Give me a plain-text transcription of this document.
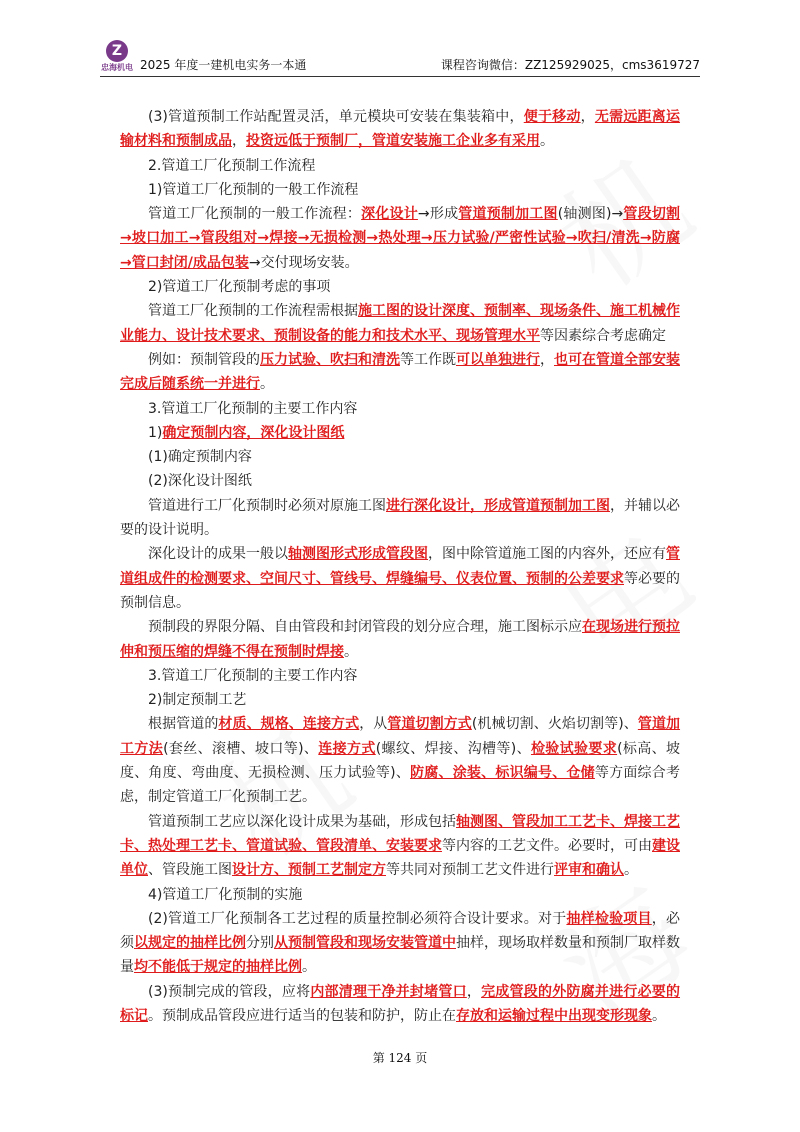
Z
忠海机电 2025 年度一建机电实务一本通	课程咨询微信：ZZ125929025，cms3619727

(3)管道预制工作站配置灵活，单元模块可安装在集装箱中，便于移动，无需远距离运输材料和预制成品，投资远低于预制厂，管道安装施工企业多有采用。

2.管道工厂化预制工作流程

1)管道工厂化预制的一般工作流程

管道工厂化预制的一般工作流程：深化设计→形成管道预制加工图(轴测图)→管段切割→坡口加工→管段组对→焊接→无损检测→热处理→压力试验/严密性试验→吹扫/清洗→防腐→管口封闭/成品包装→交付现场安装。

2)管道工厂化预制考虑的事项

管道工厂化预制的工作流程需根据施工图的设计深度、预制率、现场条件、施工机械作业能力、设计技术要求、预制设备的能力和技术水平、现场管理水平等因素综合考虑确定

例如：预制管段的压力试验、吹扫和清洗等工作既可以单独进行，也可在管道全部安装完成后随系统一并进行。

3.管道工厂化预制的主要工作内容

1)确定预制内容，深化设计图纸

(1)确定预制内容

(2)深化设计图纸

管道进行工厂化预制时必须对原施工图进行深化设计，形成管道预制加工图，并辅以必要的设计说明。

深化设计的成果一般以轴测图形式形成管段图，图中除管道施工图的内容外，还应有管道组成件的检测要求、空间尺寸、管线号、焊缝编号、仪表位置、预制的公差要求等必要的预制信息。

预制段的界限分隔、自由管段和封闭管段的划分应合理，施工图标示应在现场进行预拉伸和预压缩的焊缝不得在预制时焊接。

3.管道工厂化预制的主要工作内容

2)制定预制工艺

根据管道的材质、规格、连接方式，从管道切割方式(机械切割、火焰切割等)、管道加工方法(套丝、滚槽、坡口等)、连接方式(螺纹、焊接、沟槽等)、检验试验要求(标高、坡度、角度、弯曲度、无损检测、压力试验等)、防腐、涂装、标识编号、仓储等方面综合考虑，制定管道工厂化预制工艺。

管道预制工艺应以深化设计成果为基础，形成包括轴测图、管段加工工艺卡、焊接工艺卡、热处理工艺卡、管道试验、管段清单、安装要求等内容的工艺文件。必要时，可由建设单位、管段施工图设计方、预制工艺制定方等共同对预制工艺文件进行评审和确认。

4)管道工厂化预制的实施

(2)管道工厂化预制各工艺过程的质量控制必须符合设计要求。对于抽样检验项目，必须以规定的抽样比例分别从预制管段和现场安装管道中抽样，现场取样数量和预制厂取样数量均不能低于规定的抽样比例。

(3)预制完成的管段，应将内部清理干净并封堵管口，完成管段的外防腐并进行必要的标记。预制成品管段应进行适当的包装和防护，防止在存放和运输过程中出现变形现象。

第 124 页
